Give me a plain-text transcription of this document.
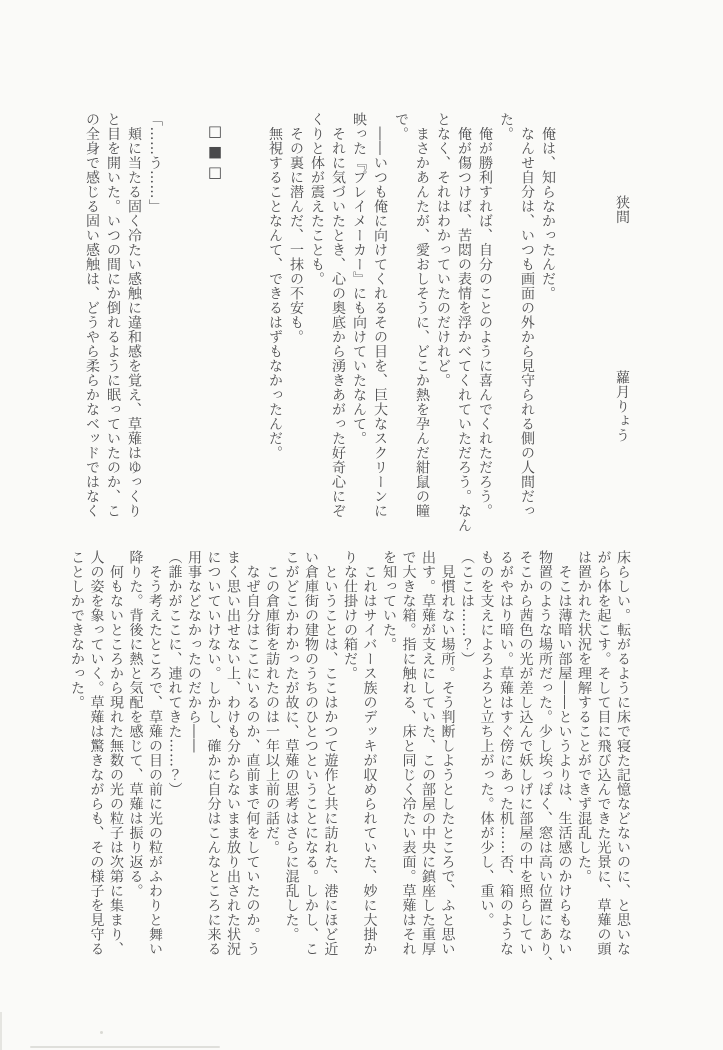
狭間 蘿月りょう
　俺は、知らなかったんだ。
　なんせ自分は、いつも画面の外から見守られる側の人間だっ
た。
　俺が勝利すれば、自分のことのように喜んでくれただろう。
　俺が傷つけば、苦悶の表情を浮かべてくれていただろう。なん
となく、それはわかっていたのだけれど。
　まさかあんたが、愛おしそうに、どこか熱を孕んだ紺鼠の瞳
で。
　――いつも俺に向けてくれるその目を、巨大なスクリーンに
映った『プレイメーカー』にも向けていたなんて。
　それに気づいたとき、心の奥底から湧きあがった好奇心にぞ
くりと体が震えたことも。
　その裏に潜んだ、一抹の不安も。
　無視することなんて、できるはずもなかったんだ。
□■□
「……う……」
　頬に当たる固く冷たい感触に違和感を覚え、草薙はゆっくり
と目を開いた。いつの間にか倒れるように眠っていたのか、こ
の全身で感じる固い感触は、どうやら柔らかなベッドではなく
床らしい。転がるように床で寝た記憶などないのに、と思いな
がら体を起こす。そして目に飛び込んできた光景に、草薙の頭
は置かれた状況を理解することができず混乱した。
　そこは薄暗い部屋――というよりは、生活感のかけらもない
物置のような場所だった。少し埃っぽく、窓は高い位置にあり、
そこから茜色の光が差し込んで妖しげに部屋の中を照らしてい
るがやはり暗い。草薙はすぐ傍にあった机……否、箱のような
ものを支えによろよろと立ち上がった。体が少し、重い。
（ここは……？）
　見慣れない場所。そう判断しようとしたところで、ふと思い
出す。草薙が支えにしていた、この部屋の中央に鎮座した重厚
で大きな箱。指に触れる、床と同じく冷たい表面。草薙はそれ
を知っていた。
　これはサイバース族のデッキが収められていた、妙に大掛か
りな仕掛けの箱だ。
　ということは、ここはかつて遊作と共に訪れた、港にほど近
い倉庫街の建物のうちのひとつということになる。しかし、こ
こがどこかわかったが故に、草薙の思考はさらに混乱した。
　この倉庫街を訪れたのは一年以上前の話だ。
　なぜ自分はここにいるのか、直前まで何をしていたのか。う
まく思い出せない上、わけも分からないまま放り出された状況
についていけない。しかし、確かに自分はこんなところに来る
用事などなかったのだから――
（誰かがここに、連れてきた……？）
　そう考えたところで、草薙の目の前に光の粒がふわりと舞い
降りた。背後に熱と気配を感じて、草薙は振り返る。
　何もないところから現れた無数の光の粒子は次第に集まり、
人の姿を象っていく。草薙は驚きながらも、その様子を見守る
ことしかできなかった。
